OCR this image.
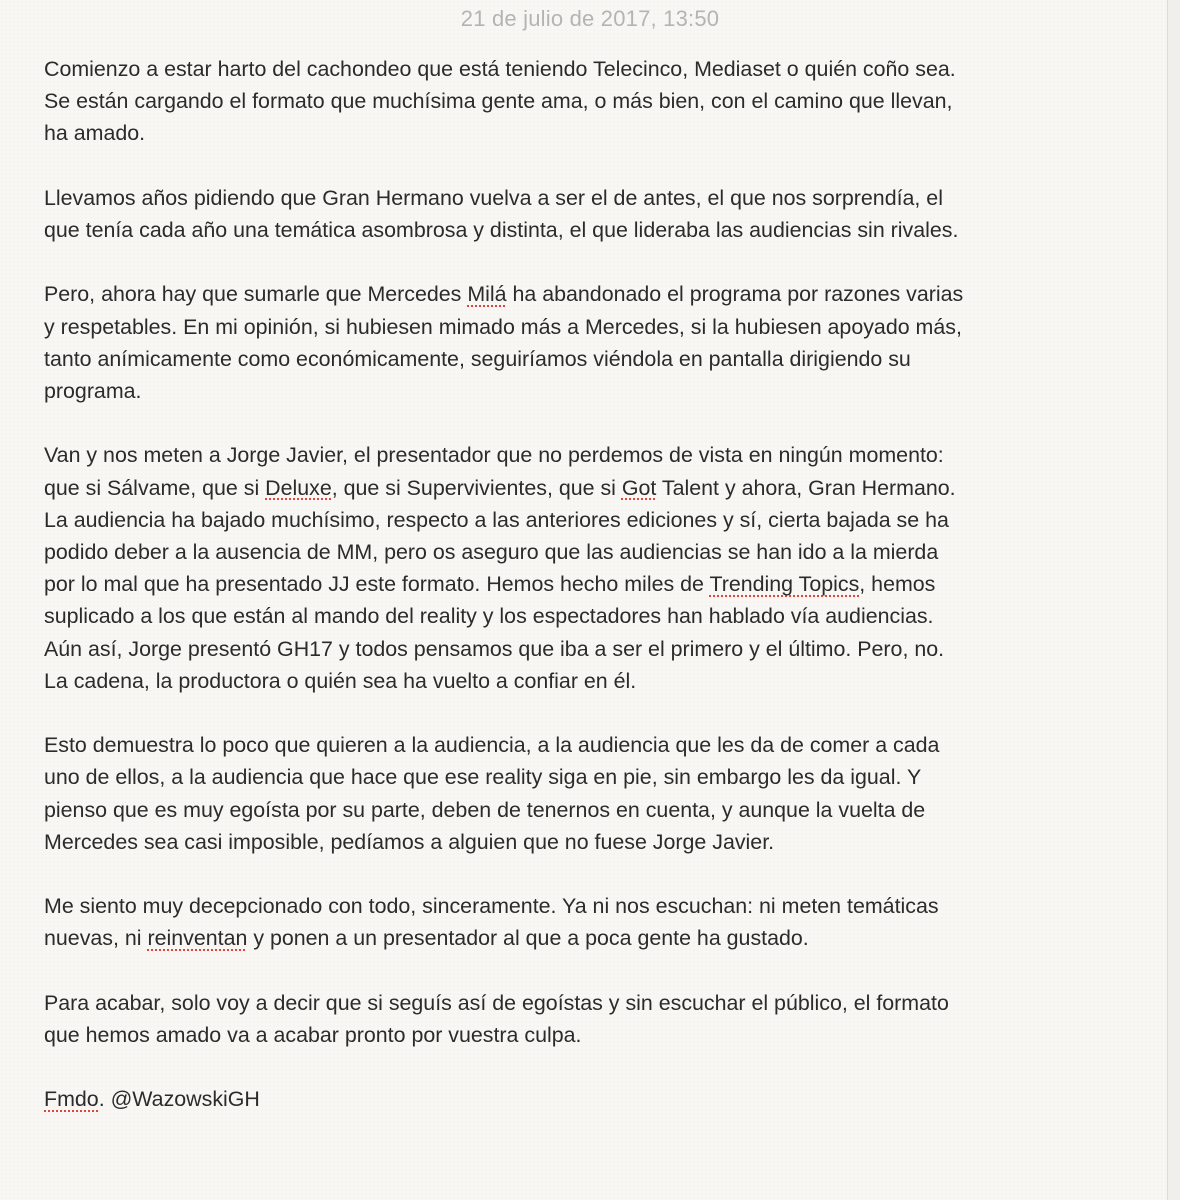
21 de julio de 2017, 13:50

Comienzo a estar harto del cachondeo que está teniendo Telecinco, Mediaset o quién coño sea.
Se están cargando el formato que muchísima gente ama, o más bien, con el camino que llevan,
ha amado.

Llevamos años pidiendo que Gran Hermano vuelva a ser el de antes, el que nos sorprendía, el
que tenía cada año una temática asombrosa y distinta, el que lideraba las audiencias sin rivales.

Pero, ahora hay que sumarle que Mercedes Milá ha abandonado el programa por razones varias
y respetables. En mi opinión, si hubiesen mimado más a Mercedes, si la hubiesen apoyado más,
tanto anímicamente como económicamente, seguiríamos viéndola en pantalla dirigiendo su
programa.

Van y nos meten a Jorge Javier, el presentador que no perdemos de vista en ningún momento:
que si Sálvame, que si Deluxe, que si Supervivientes, que si Got Talent y ahora, Gran Hermano.
La audiencia ha bajado muchísimo, respecto a las anteriores ediciones y sí, cierta bajada se ha
podido deber a la ausencia de MM, pero os aseguro que las audiencias se han ido a la mierda
por lo mal que ha presentado JJ este formato. Hemos hecho miles de Trending Topics, hemos
suplicado a los que están al mando del reality y los espectadores han hablado vía audiencias.
Aún así, Jorge presentó GH17 y todos pensamos que iba a ser el primero y el último. Pero, no.
La cadena, la productora o quién sea ha vuelto a confiar en él.

Esto demuestra lo poco que quieren a la audiencia, a la audiencia que les da de comer a cada
uno de ellos, a la audiencia que hace que ese reality siga en pie, sin embargo les da igual. Y
pienso que es muy egoísta por su parte, deben de tenernos en cuenta, y aunque la vuelta de
Mercedes sea casi imposible, pedíamos a alguien que no fuese Jorge Javier.

Me siento muy decepcionado con todo, sinceramente. Ya ni nos escuchan: ni meten temáticas
nuevas, ni reinventan y ponen a un presentador al que a poca gente ha gustado.

Para acabar, solo voy a decir que si seguís así de egoístas y sin escuchar el público, el formato
que hemos amado va a acabar pronto por vuestra culpa.

Fmdo. @WazowskiGH
